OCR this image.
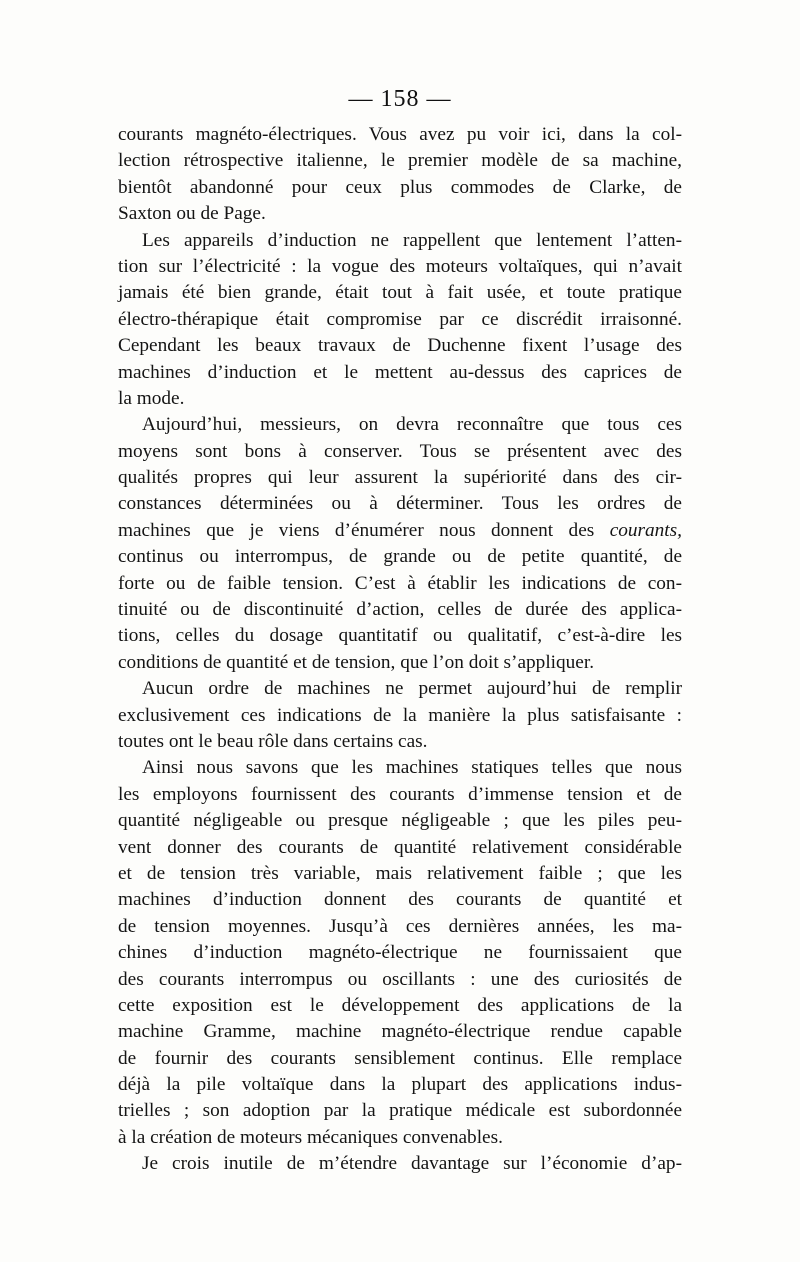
— 158 —
courants magnéto-électriques. Vous avez pu voir ici, dans la col-
lection rétrospective italienne, le premier modèle de sa machine,
bientôt abandonné pour ceux plus commodes de Clarke, de
Saxton ou de Page.
Les appareils d’induction ne rappellent que lentement l’atten-
tion sur l’électricité : la vogue des moteurs voltaïques, qui n’avait
jamais été bien grande, était tout à fait usée, et toute pratique
électro-thérapique était compromise par ce discrédit irraisonné.
Cependant les beaux travaux de Duchenne fixent l’usage des
machines d’induction et le mettent au-dessus des caprices de
la mode.
Aujourd’hui, messieurs, on devra reconnaître que tous ces
moyens sont bons à conserver. Tous se présentent avec des
qualités propres qui leur assurent la supériorité dans des cir-
constances déterminées ou à déterminer. Tous les ordres de
machines que je viens d’énumérer nous donnent des courants,
continus ou interrompus, de grande ou de petite quantité, de
forte ou de faible tension. C’est à établir les indications de con-
tinuité ou de discontinuité d’action, celles de durée des applica-
tions, celles du dosage quantitatif ou qualitatif, c’est-à-dire les
conditions de quantité et de tension, que l’on doit s’appliquer.
Aucun ordre de machines ne permet aujourd’hui de remplir
exclusivement ces indications de la manière la plus satisfaisante :
toutes ont le beau rôle dans certains cas.
Ainsi nous savons que les machines statiques telles que nous
les employons fournissent des courants d’immense tension et de
quantité négligeable ou presque négligeable ; que les piles peu-
vent donner des courants de quantité relativement considérable
et de tension très variable, mais relativement faible ; que les
machines d’induction donnent des courants de quantité et
de tension moyennes. Jusqu’à ces dernières années, les ma-
chines d’induction magnéto-électrique ne fournissaient que
des courants interrompus ou oscillants : une des curiosités de
cette exposition est le développement des applications de la
machine Gramme, machine magnéto-électrique rendue capable
de fournir des courants sensiblement continus. Elle remplace
déjà la pile voltaïque dans la plupart des applications indus-
trielles ; son adoption par la pratique médicale est subordonnée
à la création de moteurs mécaniques convenables.
Je crois inutile de m’étendre davantage sur l’économie d’ap-
